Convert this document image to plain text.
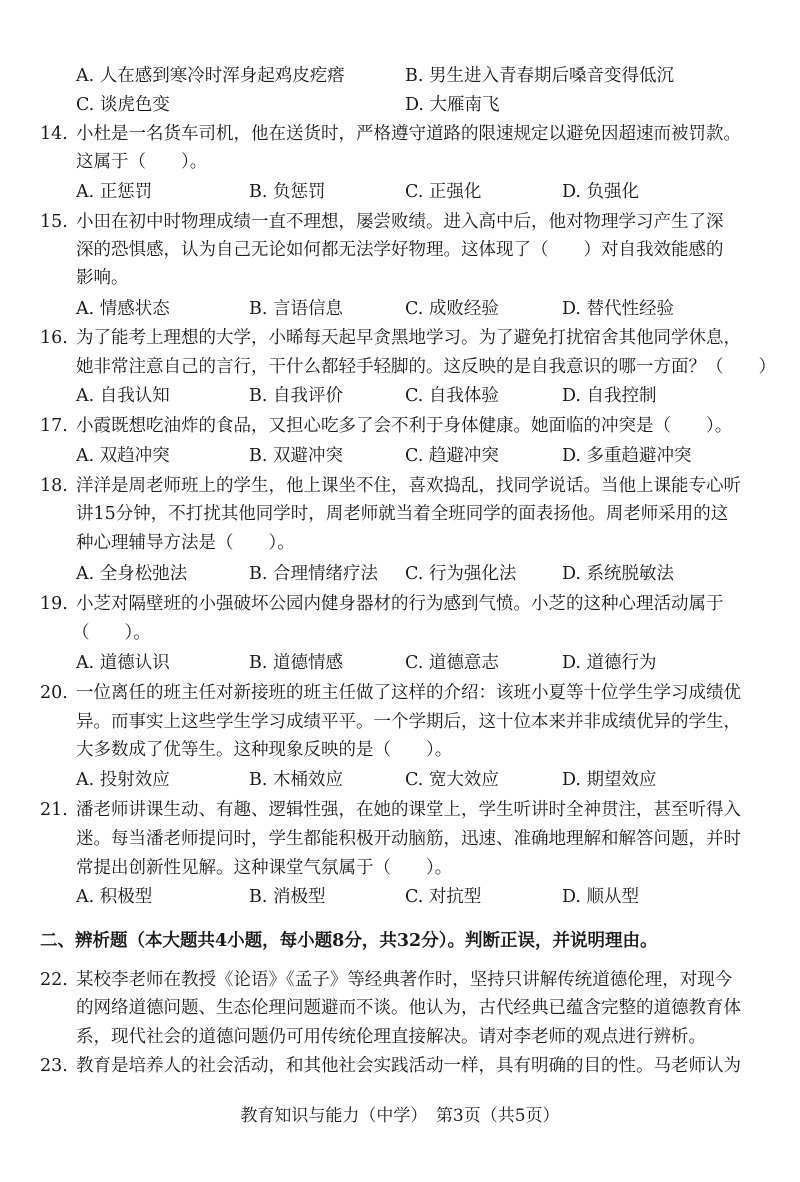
A. 人在感到寒冷时浑身起鸡皮疙瘩	B. 男生进入青春期后嗓音变得低沉
C. 谈虎色变	D. 大雁南飞
14. 小杜是一名货车司机，他在送货时，严格遵守道路的限速规定以避免因超速而被罚款。
这属于（　　）。
A. 正惩罚	B. 负惩罚	C. 正强化	D. 负强化
15. 小田在初中时物理成绩一直不理想，屡尝败绩。进入高中后，他对物理学习产生了深
深的恐惧感，认为自己无论如何都无法学好物理。这体现了（　　）对自我效能感的
影响。
A. 情感状态	B. 言语信息	C. 成败经验	D. 替代性经验
16. 为了能考上理想的大学，小晞每天起早贪黑地学习。为了避免打扰宿舍其他同学休息，
她非常注意自己的言行，干什么都轻手轻脚的。这反映的是自我意识的哪一方面？（　　）
A. 自我认知	B. 自我评价	C. 自我体验	D. 自我控制
17. 小霞既想吃油炸的食品，又担心吃多了会不利于身体健康。她面临的冲突是（　　）。
A. 双趋冲突	B. 双避冲突	C. 趋避冲突	D. 多重趋避冲突
18. 洋洋是周老师班上的学生，他上课坐不住，喜欢捣乱，找同学说话。当他上课能专心听
讲15分钟，不打扰其他同学时，周老师就当着全班同学的面表扬他。周老师采用的这
种心理辅导方法是（　　）。
A. 全身松弛法	B. 合理情绪疗法 C. 行为强化法	D. 系统脱敏法
19. 小芝对隔壁班的小强破坏公园内健身器材的行为感到气愤。小芝的这种心理活动属于
（　　）。
A. 道德认识	B. 道德情感	C. 道德意志	D. 道德行为
20. 一位离任的班主任对新接班的班主任做了这样的介绍：该班小夏等十位学生学习成绩优
异。而事实上这些学生学习成绩平平。一个学期后，这十位本来并非成绩优异的学生，
大多数成了优等生。这种现象反映的是（　　）。
A. 投射效应	B. 木桶效应	C. 宽大效应	D. 期望效应
21. 潘老师讲课生动、有趣、逻辑性强，在她的课堂上，学生听讲时全神贯注，甚至听得入
迷。每当潘老师提问时，学生都能积极开动脑筋，迅速、准确地理解和解答问题，并时
常提出创新性见解。这种课堂气氛属于（　　）。
A. 积极型	B. 消极型	C. 对抗型	D. 顺从型
二、辨析题（本大题共4小题，每小题8分，共32分）。判断正误，并说明理由。
22. 某校李老师在教授《论语》《孟子》等经典著作时，坚持只讲解传统道德伦理，对现今
的网络道德问题、生态伦理问题避而不谈。他认为，古代经典已蕴含完整的道德教育体
系，现代社会的道德问题仍可用传统伦理直接解决。请对李老师的观点进行辨析。
23. 教育是培养人的社会活动，和其他社会实践活动一样，具有明确的目的性。马老师认为
教育知识与能力（中学）　第3页（共5页）
